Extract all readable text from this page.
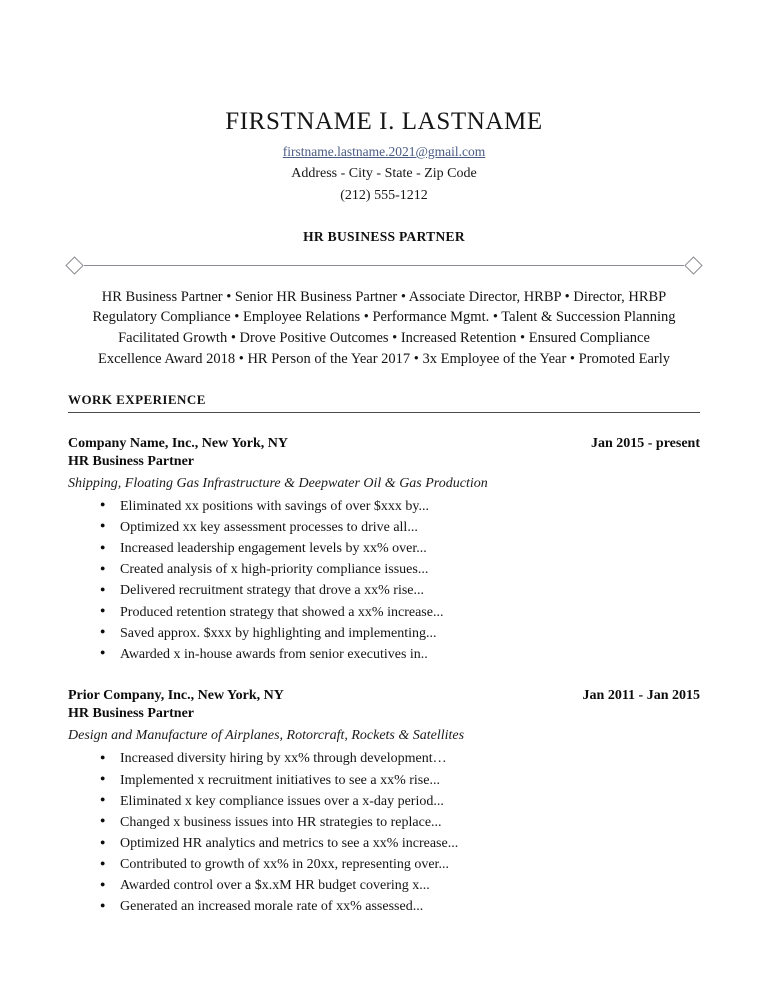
FIRSTNAME I. LASTNAME
firstname.lastname.2021@gmail.com
Address - City - State - Zip Code
(212) 555-1212
HR BUSINESS PARTNER
HR Business Partner • Senior HR Business Partner • Associate Director, HRBP • Director, HRBP
Regulatory Compliance • Employee Relations • Performance Mgmt. • Talent & Succession Planning
Facilitated Growth • Drove Positive Outcomes • Increased Retention • Ensured Compliance
Excellence Award 2018 • HR Person of the Year 2017 • 3x Employee of the Year • Promoted Early
WORK EXPERIENCE
Company Name, Inc., New York, NY	Jan 2015 - present
HR Business Partner
Shipping, Floating Gas Infrastructure & Deepwater Oil & Gas Production
● Eliminated xx positions with savings of over $xxx by...
● Optimized xx key assessment processes to drive all...
● Increased leadership engagement levels by xx% over...
● Created analysis of x high-priority compliance issues...
● Delivered recruitment strategy that drove a xx% rise...
● Produced retention strategy that showed a xx% increase...
● Saved approx. $xxx by highlighting and implementing...
● Awarded x in-house awards from senior executives in..
Prior Company, Inc., New York, NY	Jan 2011 - Jan 2015
HR Business Partner
Design and Manufacture of Airplanes, Rotorcraft, Rockets & Satellites
● Increased diversity hiring by xx% through development…
● Implemented x recruitment initiatives to see a xx% rise...
● Eliminated x key compliance issues over a x-day period...
● Changed x business issues into HR strategies to replace...
● Optimized HR analytics and metrics to see a xx% increase...
● Contributed to growth of xx% in 20xx, representing over...
● Awarded control over a $x.xM HR budget covering x...
● Generated an increased morale rate of xx% assessed...
